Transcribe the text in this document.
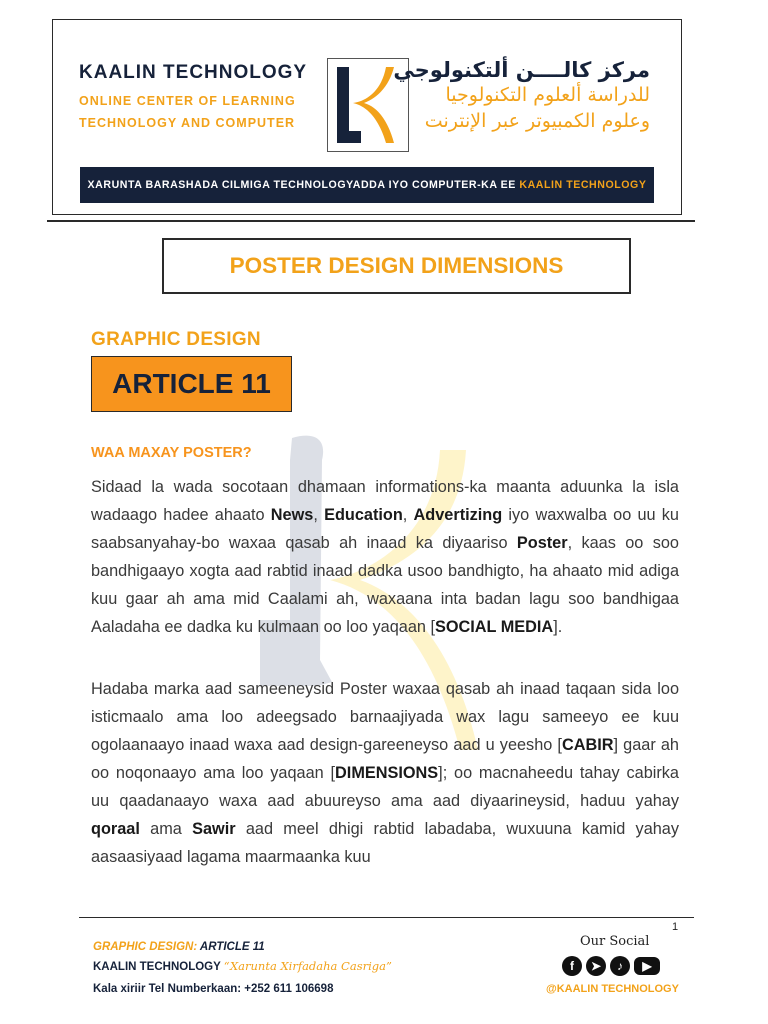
KAALIN TECHNOLOGY
ONLINE CENTER OF LEARNING
TECHNOLOGY AND COMPUTER
مركز كالــــن ألتكنولوجي
للدراسة ألعلوم التكنولوجيا
وعلوم الكمبيوتر عبر الإنترنت
XARUNTA BARASHADA CILMIGA TECHNOLOGYADDA IYO COMPUTER-KA EE KAALIN TECHNOLOGY
POSTER DESIGN DIMENSIONS
GRAPHIC DESIGN
ARTICLE 11
WAA MAXAY POSTER?

Sidaad la wada socotaan dhamaan informations-ka maanta aduunka la isla wadaago hadee ahaato News, Education, Advertizing iyo waxwalba oo uu ku saabsanyahay-bo waxaa qasab ah inaad ka diyaariso Poster, kaas oo soo bandhigaayo xogta aad rabtid inaad dadka usoo bandhigto, ha ahaato mid adiga kuu gaar ah ama mid Caalami ah, waxaana inta badan lagu soo bandhigaa Aaladaha ee dadka ku kulmaan oo loo yaqaan [SOCIAL MEDIA].

Hadaba marka aad sameeneysid Poster waxaa qasab ah inaad taqaan sida loo isticmaalo ama loo adeegsado barnaajiyada wax lagu sameeyo ee kuu ogolaanaayo inaad waxa aad design-gareeneyso aad u yeesho [CABIR] gaar ah oo noqonaayo ama loo yaqaan [DIMENSIONS]; oo macnaheedu tahay cabirka uu qaadanaayo waxa aad abuureyso ama aad diyaarineysid, haduu yahay qoraal ama Sawir aad meel dhigi rabtid labadaba, wuxuuna kamid yahay aasaasiyaad lagama maarmaanka kuu

1
GRAPHIC DESIGN: ARTICLE 11
KAALIN TECHNOLOGY “Xarunta Xirfadaha Casriga”
Kala xiriir Tel Numberkaan: +252 611 106698
Our Social
f	➤	♪	▶
@KAALIN TECHNOLOGY
